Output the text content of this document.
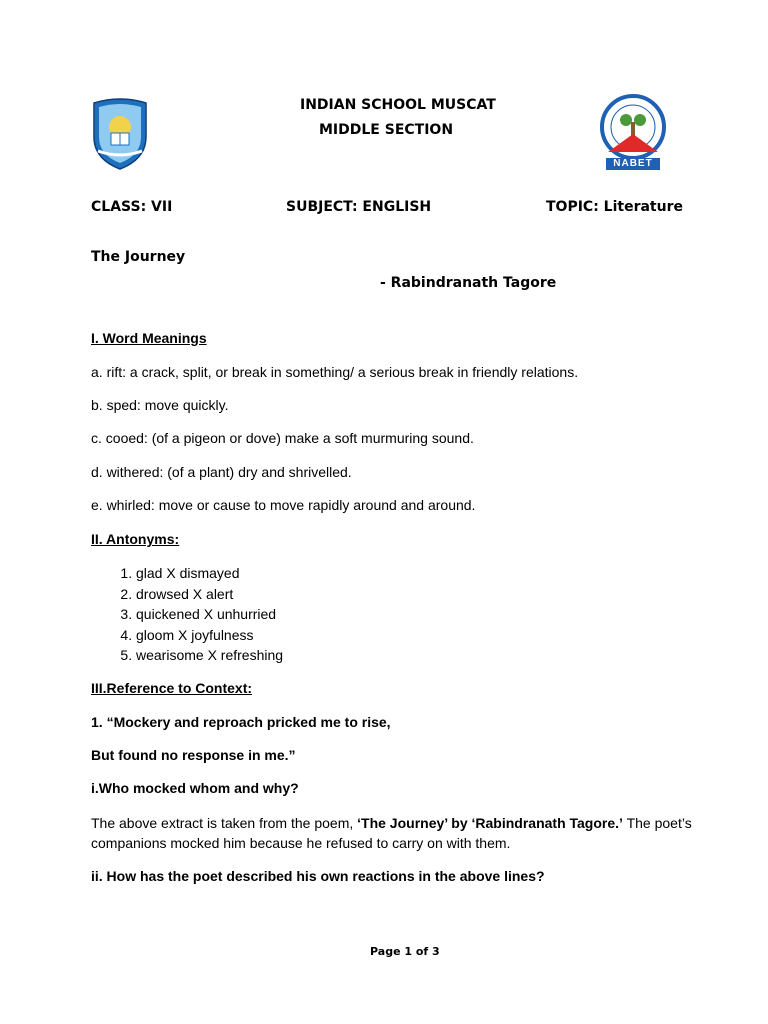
NABET
INDIAN SCHOOL MUSCAT
MIDDLE SECTION
CLASS: VII	SUBJECT: ENGLISH	TOPIC: Literature
The Journey
- Rabindranath Tagore
I. Word Meanings
a. rift: a crack, split, or break in something/ a serious break in friendly relations.
b. sped: move quickly.
c. cooed: (of a pigeon or dove) make a soft murmuring sound.
d. withered: (of a plant) dry and shrivelled.
e. whirled: move or cause to move rapidly around and around.
II. Antonyms:
1. glad X dismayed
2. drowsed X alert
3. quickened X unhurried
4. gloom X joyfulness
5. wearisome X refreshing
III.Reference to Context:
1. “Mockery and reproach pricked me to rise,
But found no response in me.”
i.Who mocked whom and why?
The above extract is taken from the poem, ‘The Journey’ by ‘Rabindranath Tagore.’ The poet’s companions mocked him because he refused to carry on with them.
ii. How has the poet described his own reactions in the above lines?
Page 1 of 3
